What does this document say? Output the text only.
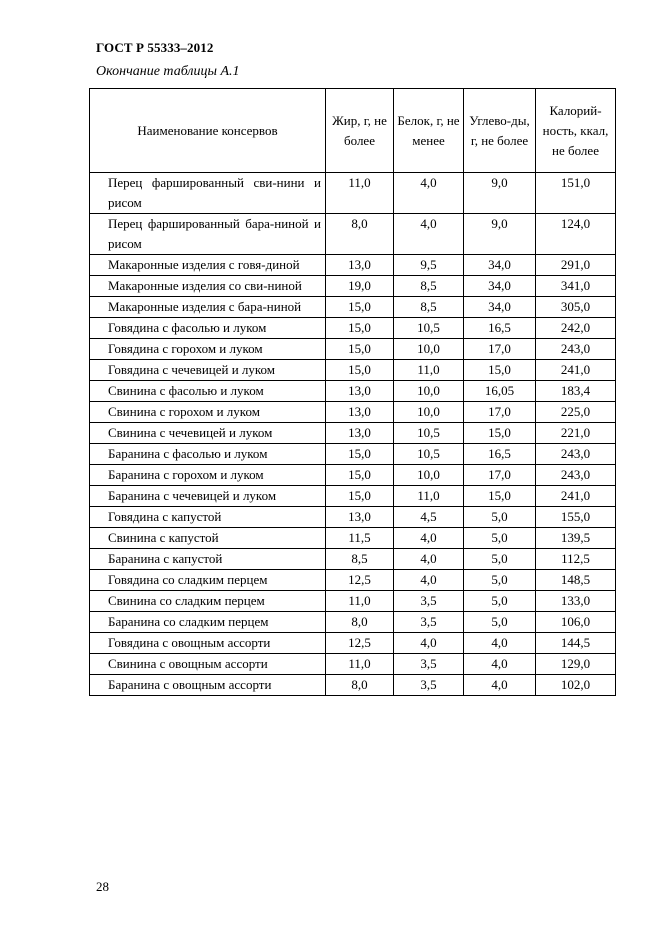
ГОСТ Р 55333–2012
Окончание таблицы А.1
Наименование консервов	Жир, г, не более	Белок, г, не менее	Углево-ды, г, не более	Калорий-ность, ккал, не более
Перец фаршированный сви-нини и рисом	11,0	4,0	9,0	151,0
Перец фаршированный бара-ниной и рисом	8,0	4,0	9,0	124,0
Макаронные изделия с говя-диной	13,0	9,5	34,0	291,0
Макаронные изделия со сви-ниной	19,0	8,5	34,0	341,0
Макаронные изделия с бара-ниной	15,0	8,5	34,0	305,0
Говядина с фасолью и луком	15,0	10,5	16,5	242,0
Говядина с горохом и луком	15,0	10,0	17,0	243,0
Говядина с чечевицей и луком	15,0	11,0	15,0	241,0
Свинина с фасолью и луком	13,0	10,0	16,05	183,4
Свинина с горохом и луком	13,0	10,0	17,0	225,0
Свинина с чечевицей и луком	13,0	10,5	15,0	221,0
Баранина с фасолью и луком	15,0	10,5	16,5	243,0
Баранина с горохом и луком	15,0	10,0	17,0	243,0
Баранина с чечевицей и луком	15,0	11,0	15,0	241,0
Говядина с капустой	13,0	4,5	5,0	155,0
Свинина с капустой	11,5	4,0	5,0	139,5
Баранина с капустой	8,5	4,0	5,0	112,5
Говядина со сладким перцем	12,5	4,0	5,0	148,5
Свинина со сладким перцем	11,0	3,5	5,0	133,0
Баранина со сладким перцем	8,0	3,5	5,0	106,0
Говядина с овощным ассорти	12,5	4,0	4,0	144,5
Свинина с овощным ассорти	11,0	3,5	4,0	129,0
Баранина с овощным ассорти	8,0	3,5	4,0	102,0
28
